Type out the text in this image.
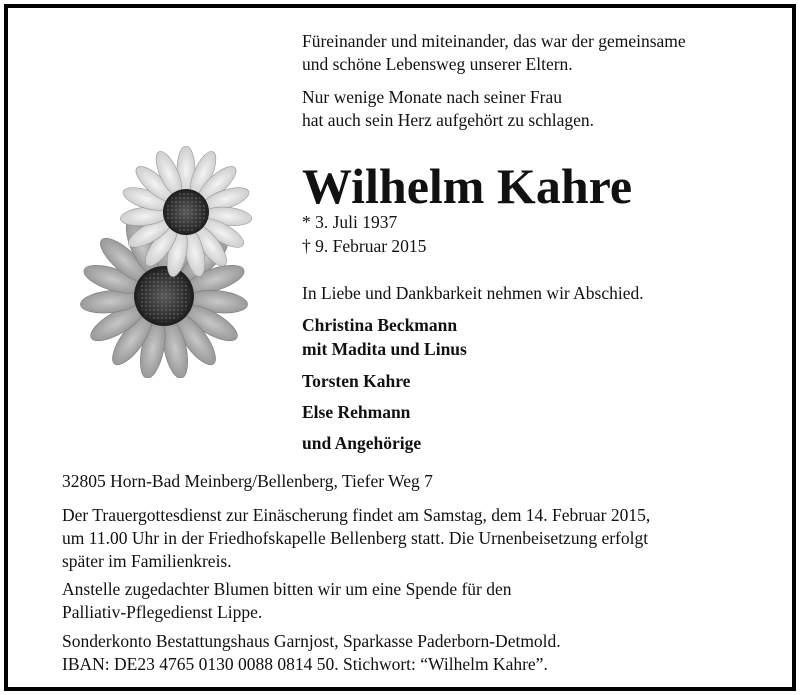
Füreinander und miteinander, das war der gemeinsame
und schöne Lebensweg unserer Eltern.
Nur wenige Monate nach seiner Frau
hat auch sein Herz aufgehört zu schlagen.
Wilhelm Kahre
* 3. Juli 1937
† 9. Februar 2015
In Liebe und Dankbarkeit nehmen wir Abschied.
Christina Beckmann
mit Madita und Linus
Torsten Kahre
Else Rehmann
und Angehörige
32805 Horn-Bad Meinberg/Bellenberg, Tiefer Weg 7
Der Trauergottesdienst zur Einäscherung findet am Samstag, dem 14. Februar 2015,
um 11.00 Uhr in der Friedhofskapelle Bellenberg statt. Die Urnenbeisetzung erfolgt
später im Familienkreis.
Anstelle zugedachter Blumen bitten wir um eine Spende für den
Palliativ-Pflegedienst Lippe.
Sonderkonto Bestattungshaus Garnjost, Sparkasse Paderborn-Detmold.
IBAN: DE23 4765 0130 0088 0814 50. Stichwort: “Wilhelm Kahre”.
